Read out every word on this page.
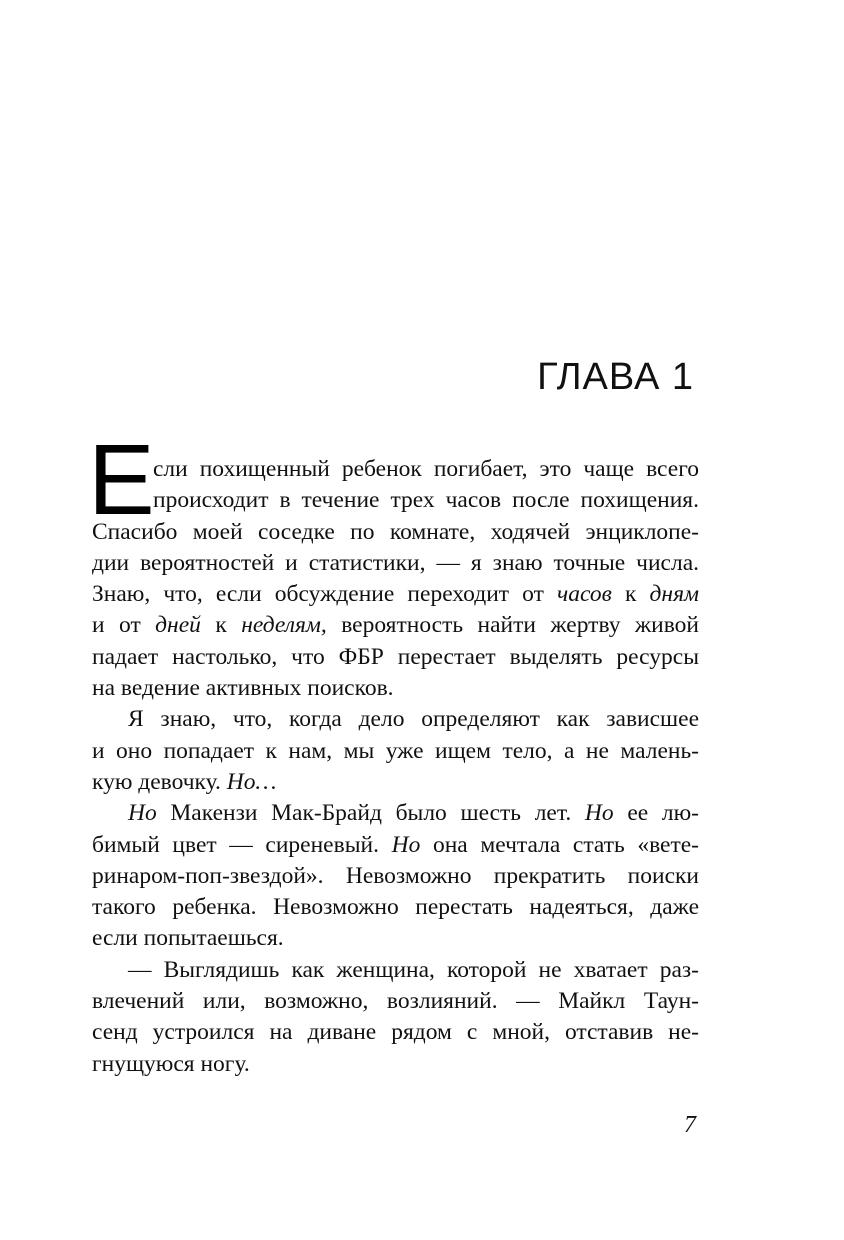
ГЛАВА 1
Е
сли похищенный ребенок погибает, это чаще всего
происходит в течение трех часов после похищения.
Спасибо моей соседке по комнате, ходячей энциклопе-
дии вероятностей и статистики, — я знаю точные числа.
Знаю, что, если обсуждение переходит от часов к дням
и от дней к неделям, вероятность найти жертву живой
падает настолько, что ФБР перестает выделять ресурсы
на ведение активных поисков.
Я знаю, что, когда дело определяют как зависшее
и оно попадает к нам, мы уже ищем тело, а не малень-
кую девочку. Но…
Но Макензи Мак-Брайд было шесть лет. Но ее лю-
бимый цвет — сиреневый. Но она мечтала стать «вете-
ринаром-поп-звездой». Невозможно прекратить поиски
такого ребенка. Невозможно перестать надеяться, даже
если попытаешься.
— Выглядишь как женщина, которой не хватает раз-
влечений или, возможно, возлияний. — Майкл Таун-
сенд устроился на диване рядом с мной, отставив не-
гнущуюся ногу.
7
